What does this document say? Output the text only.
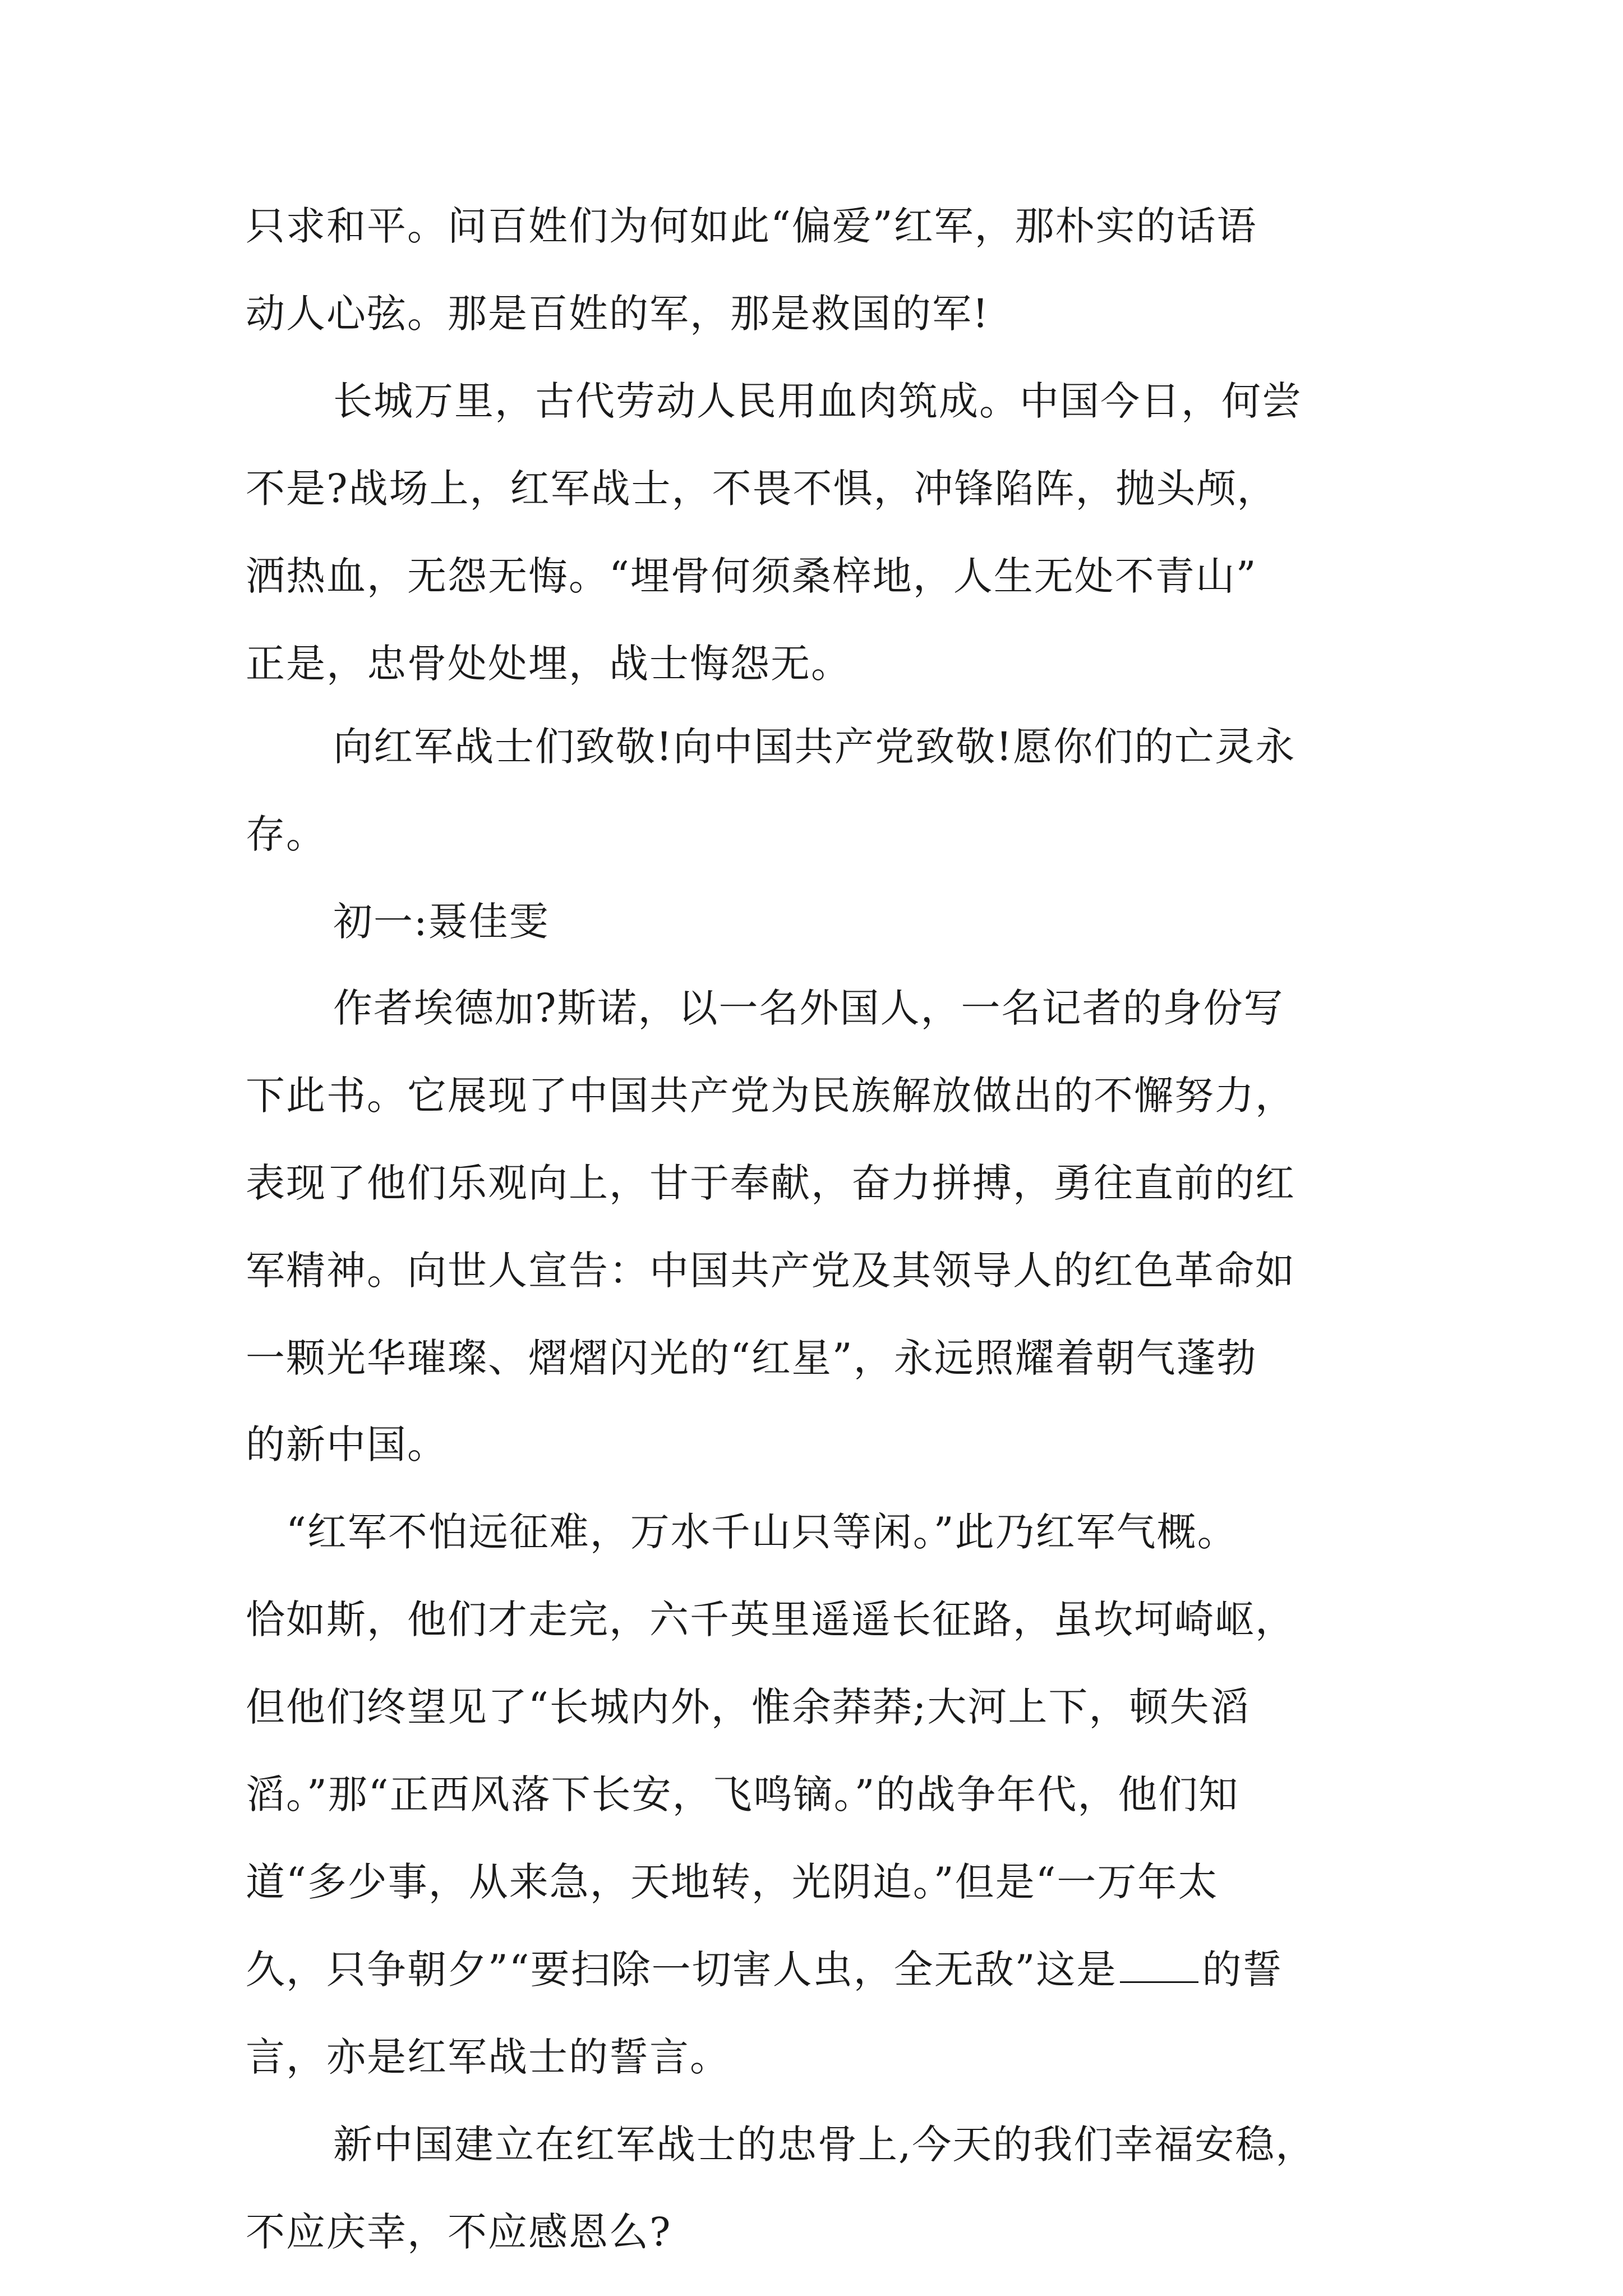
只求和平。问百姓们为何如此“偏爱”红军，那朴实的话语
动人心弦。那是百姓的军，那是救国的军!
长城万里，古代劳动人民用血肉筑成。中国今日，何尝
不是?战场上，红军战士，不畏不惧，冲锋陷阵，抛头颅，
洒热血，无怨无悔。“埋骨何须桑梓地，人生无处不青山”
正是，忠骨处处埋，战士悔怨无。
向红军战士们致敬!向中国共产党致敬!愿你们的亡灵永
存。
初一:聂佳雯
作者埃德加?斯诺，以一名外国人，一名记者的身份写
下此书。它展现了中国共产党为民族解放做出的不懈努力，
表现了他们乐观向上，甘于奉献，奋力拼搏，勇往直前的红
军精神。向世人宣告：中国共产党及其领导人的红色革命如
一颗光华璀璨、熠熠闪光的“红星”，永远照耀着朝气蓬勃
的新中国。
“红军不怕远征难，万水千山只等闲。”此乃红军气概。
恰如斯，他们才走完，六千英里遥遥长征路，虽坎坷崎岖，
但他们终望见了“长城内外，惟余莽莽;大河上下，顿失滔
滔。”那“正西风落下长安，飞鸣镝。”的战争年代，他们知
道“多少事，从来急，天地转，光阴迫。”但是“一万年太
久，只争朝夕”“要扫除一切害人虫，全无敌”这是 的誓
言，亦是红军战士的誓言。
新中国建立在红军战士的忠骨上,今天的我们幸福安稳，
不应庆幸，不应感恩么?
